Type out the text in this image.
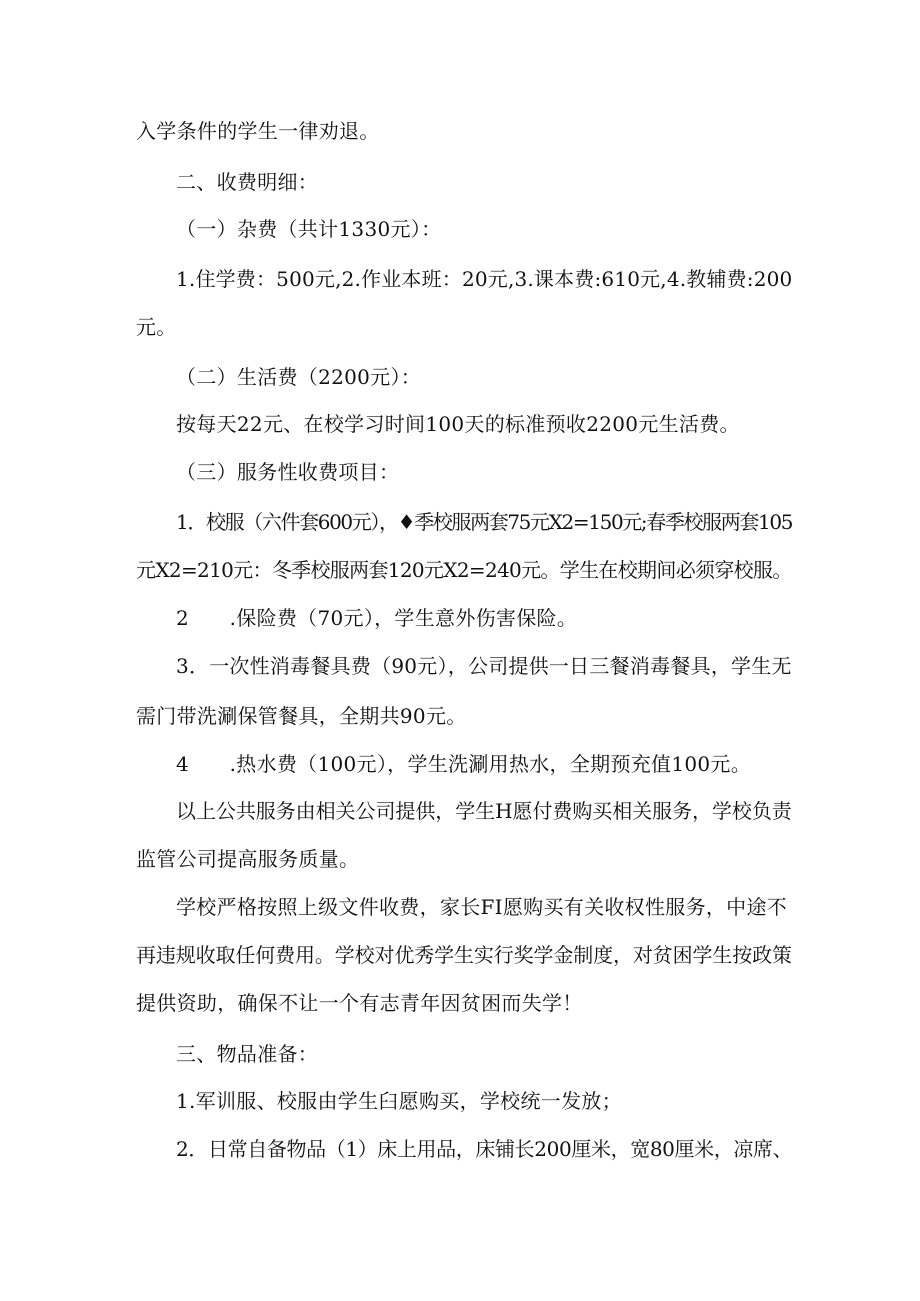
入学条件的学生一律劝退。
二、收费明细：
（一）杂费（共计1330元）：
1.住学费：500元,2.作业本班：20元,3.课本费:610元,4.教辅费:200
元。
（二）生活费（2200元）：
按每天22元、在校学习时间100天的标准预收2200元生活费。
（三）服务性收费项目：
1．校服（六件套600元），♦季校服两套75元X2=150元;春季校服两套105
元X2=210元：冬季校服两套120元X2=240元。学生在校期间必须穿校服。
2　　.保险费（70元），学生意外伤害保险。
3．一次性消毒餐具费（90元），公司提供一日三餐消毒餐具，学生无
需门带洗涮保管餐具，全期共90元。
4　　.热水费（100元），学生洗涮用热水，全期预充值100元。
以上公共服务由相关公司提供，学生H愿付费购买相关服务，学校负责
监管公司提高服务质量。
学校严格按照上级文件收费，家长FI愿购买有关收权性服务，中途不
再违规收取任何费用。学校对优秀学生实行奖学金制度，对贫困学生按政策
提供资助，确保不让一个有志青年因贫困而失学！
三、物品准备：
1.军训服、校服由学生臼愿购买，学校统一发放；
2．日常自备物品（1）床上用品，床铺长200厘米，宽80厘米，凉席、
